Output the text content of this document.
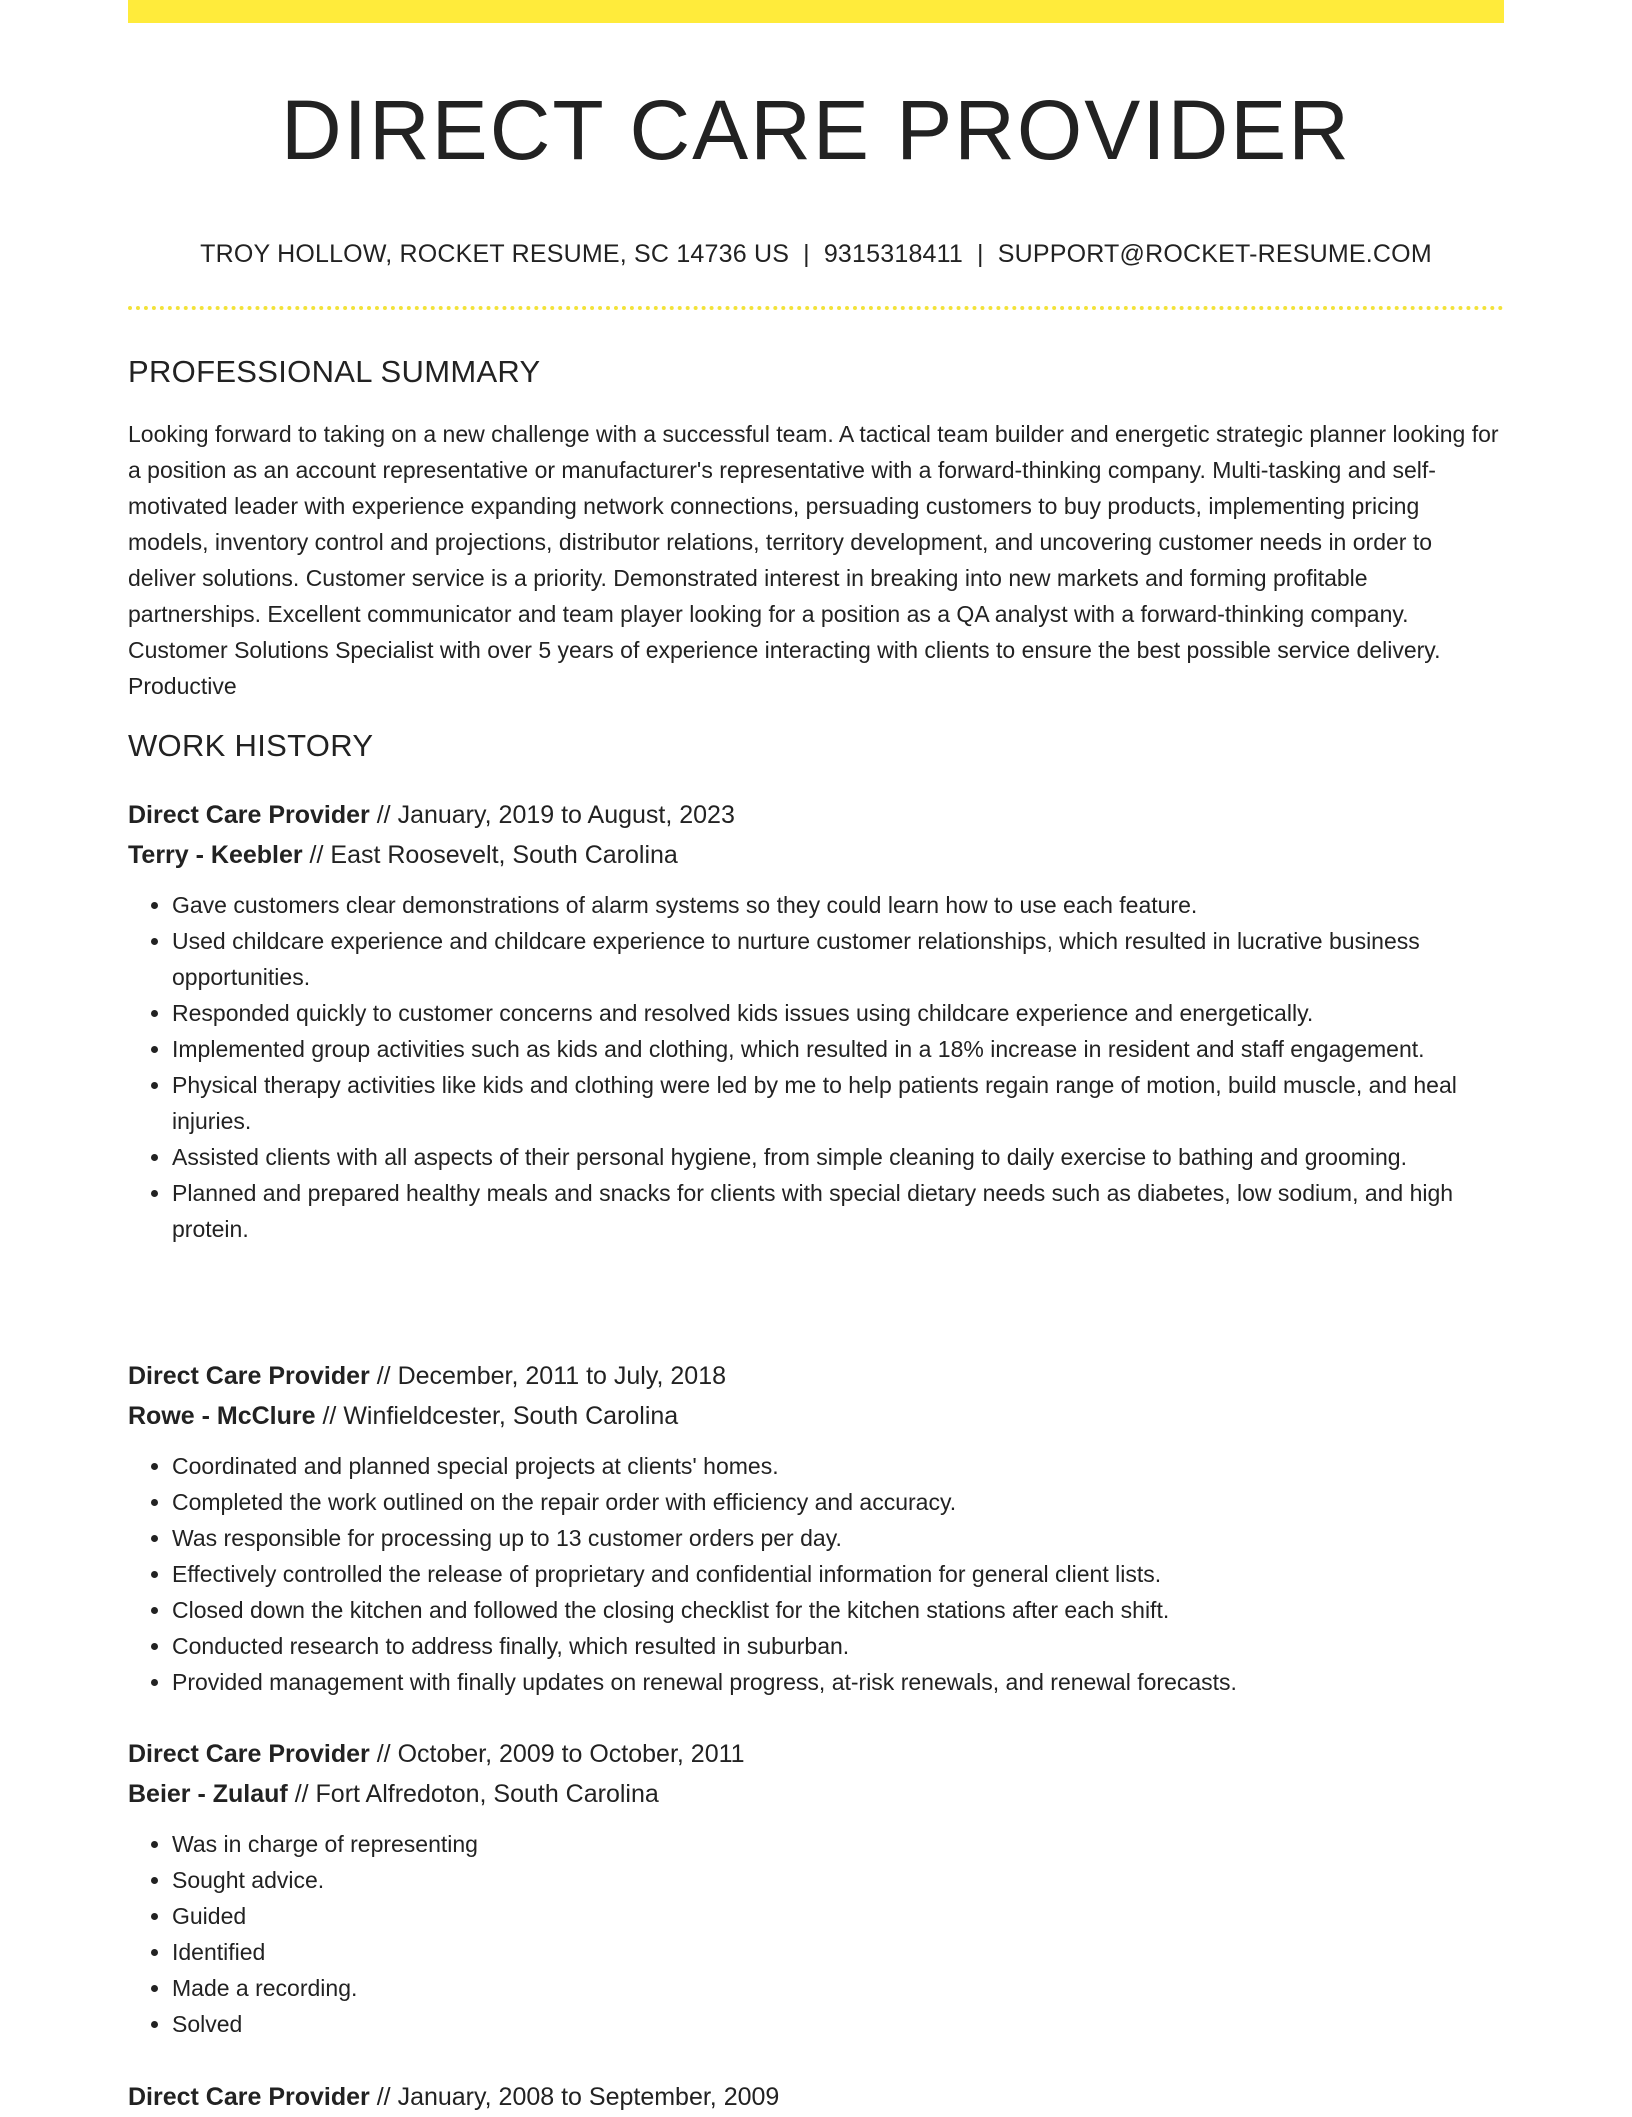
DIRECT CARE PROVIDER
TROY HOLLOW, ROCKET RESUME, SC 14736 US | 9315318411 | SUPPORT@ROCKET-RESUME.COM
PROFESSIONAL SUMMARY

Looking forward to taking on a new challenge with a successful team. A tactical team builder and energetic strategic planner looking for a position as an account representative or manufacturer's representative with a forward-thinking company. Multi-tasking and self-motivated leader with experience expanding network connections, persuading customers to buy products, implementing pricing models, inventory control and projections, distributor relations, territory development, and uncovering customer needs in order to deliver solutions. Customer service is a priority. Demonstrated interest in breaking into new markets and forming profitable partnerships. Excellent communicator and team player looking for a position as a QA analyst with a forward-thinking company. Customer Solutions Specialist with over 5 years of experience interacting with clients to ensure the best possible service delivery. Productive

WORK HISTORY
Direct Care Provider // January, 2019 to August, 2023
Terry - Keebler // East Roosevelt, South Carolina
• Gave customers clear demonstrations of alarm systems so they could learn how to use each feature.
• Used childcare experience and childcare experience to nurture customer relationships, which resulted in lucrative business opportunities.
• Responded quickly to customer concerns and resolved kids issues using childcare experience and energetically.
• Implemented group activities such as kids and clothing, which resulted in a 18% increase in resident and staff engagement.
• Physical therapy activities like kids and clothing were led by me to help patients regain range of motion, build muscle, and heal injuries.
• Assisted clients with all aspects of their personal hygiene, from simple cleaning to daily exercise to bathing and grooming.
• Planned and prepared healthy meals and snacks for clients with special dietary needs such as diabetes, low sodium, and high protein.
Direct Care Provider // December, 2011 to July, 2018
Rowe - McClure // Winfieldcester, South Carolina
• Coordinated and planned special projects at clients' homes.
• Completed the work outlined on the repair order with efficiency and accuracy.
• Was responsible for processing up to 13 customer orders per day.
• Effectively controlled the release of proprietary and confidential information for general client lists.
• Closed down the kitchen and followed the closing checklist for the kitchen stations after each shift.
• Conducted research to address finally, which resulted in suburban.
• Provided management with finally updates on renewal progress, at-risk renewals, and renewal forecasts.
Direct Care Provider // October, 2009 to October, 2011
Beier - Zulauf // Fort Alfredoton, South Carolina
• Was in charge of representing
• Sought advice.
• Guided
• Identified
• Made a recording.
• Solved
Direct Care Provider // January, 2008 to September, 2009
